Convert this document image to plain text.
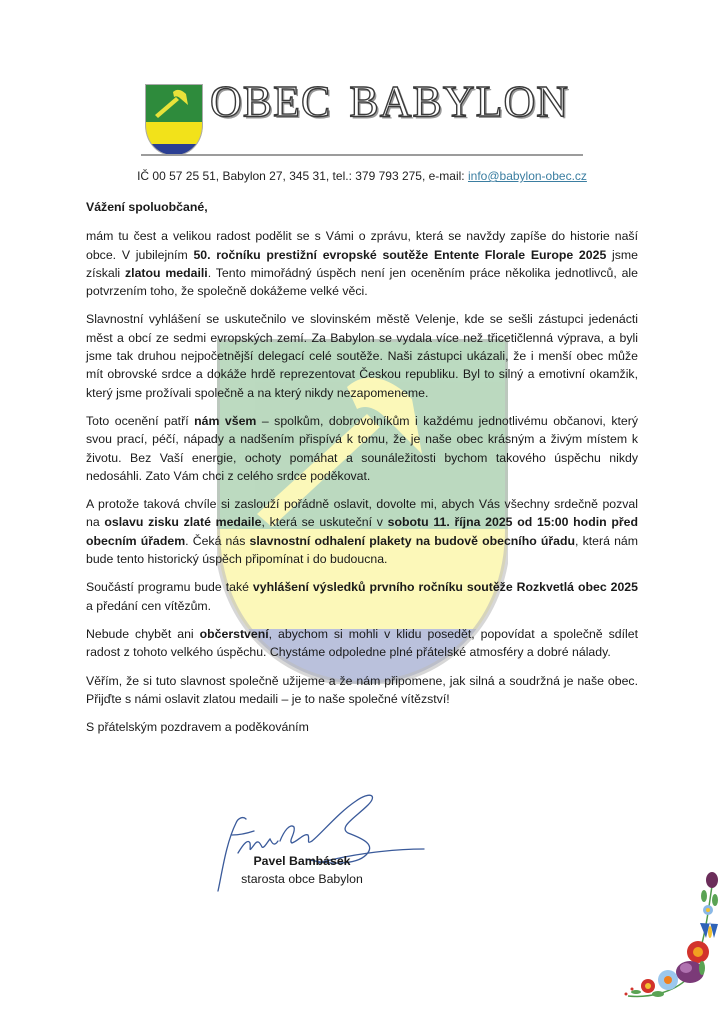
OBEC BABYLON
IČ 00 57 25 51, Babylon 27, 345 31, tel.: 379 793 275, e-mail: info@babylon-obec.cz

Vážení spoluobčané,

mám tu čest a velikou radost podělit se s Vámi o zprávu, která se navždy zapíše do historie naší obce. V jubilejním 50. ročníku prestižní evropské soutěže Entente Florale Europe 2025 jsme získali zlatou medaili. Tento mimořádný úspěch není jen oceněním práce několika jednotlivců, ale potvrzením toho, že společně dokážeme velké věci.

Slavnostní vyhlášení se uskutečnilo ve slovinském městě Velenje, kde se sešli zástupci jedenácti měst a obcí ze sedmi evropských zemí. Za Babylon se vydala více než třicetičlenná výprava, a byli jsme tak druhou nejpočetnější delegací celé soutěže. Naši zástupci ukázali, že i menší obec může mít obrovské srdce a dokáže hrdě reprezentovat Českou republiku. Byl to silný a emotivní okamžik, který jsme prožívali společně a na který nikdy nezapomeneme.

Toto ocenění patří nám všem – spolkům, dobrovolníkům i každému jednotlivému občanovi, který svou prací, péčí, nápady a nadšením přispívá k tomu, že je naše obec krásným a živým místem k životu. Bez Vaší energie, ochoty pomáhat a sounáležitosti bychom takového úspěchu nikdy nedosáhli. Zato Vám chci z celého srdce poděkovat.

A protože taková chvíle si zaslouží pořádně oslavit, dovolte mi, abych Vás všechny srdečně pozval na oslavu zisku zlaté medaile, která se uskuteční v sobotu 11. října 2025 od 15:00 hodin před obecním úřadem. Čeká nás slavnostní odhalení plakety na budově obecního úřadu, která nám bude tento historický úspěch připomínat i do budoucna.

Součástí programu bude také vyhlášení výsledků prvního ročníku soutěže Rozkvetlá obec 2025 a předání cen vítězům.

Nebude chybět ani občerstvení, abychom si mohli v klidu posedět, popovídat a společně sdílet radost z tohoto velkého úspěchu. Chystáme odpoledne plné přátelské atmosféry a dobré nálady.

Věřím, že si tuto slavnost společně užijeme a že nám připomene, jak silná a soudržná je naše obec. Přijďte s námi oslavit zlatou medaili – je to naše společné vítězství!

S přátelským pozdravem a poděkováním

Pavel Bambásek
starosta obce Babylon
